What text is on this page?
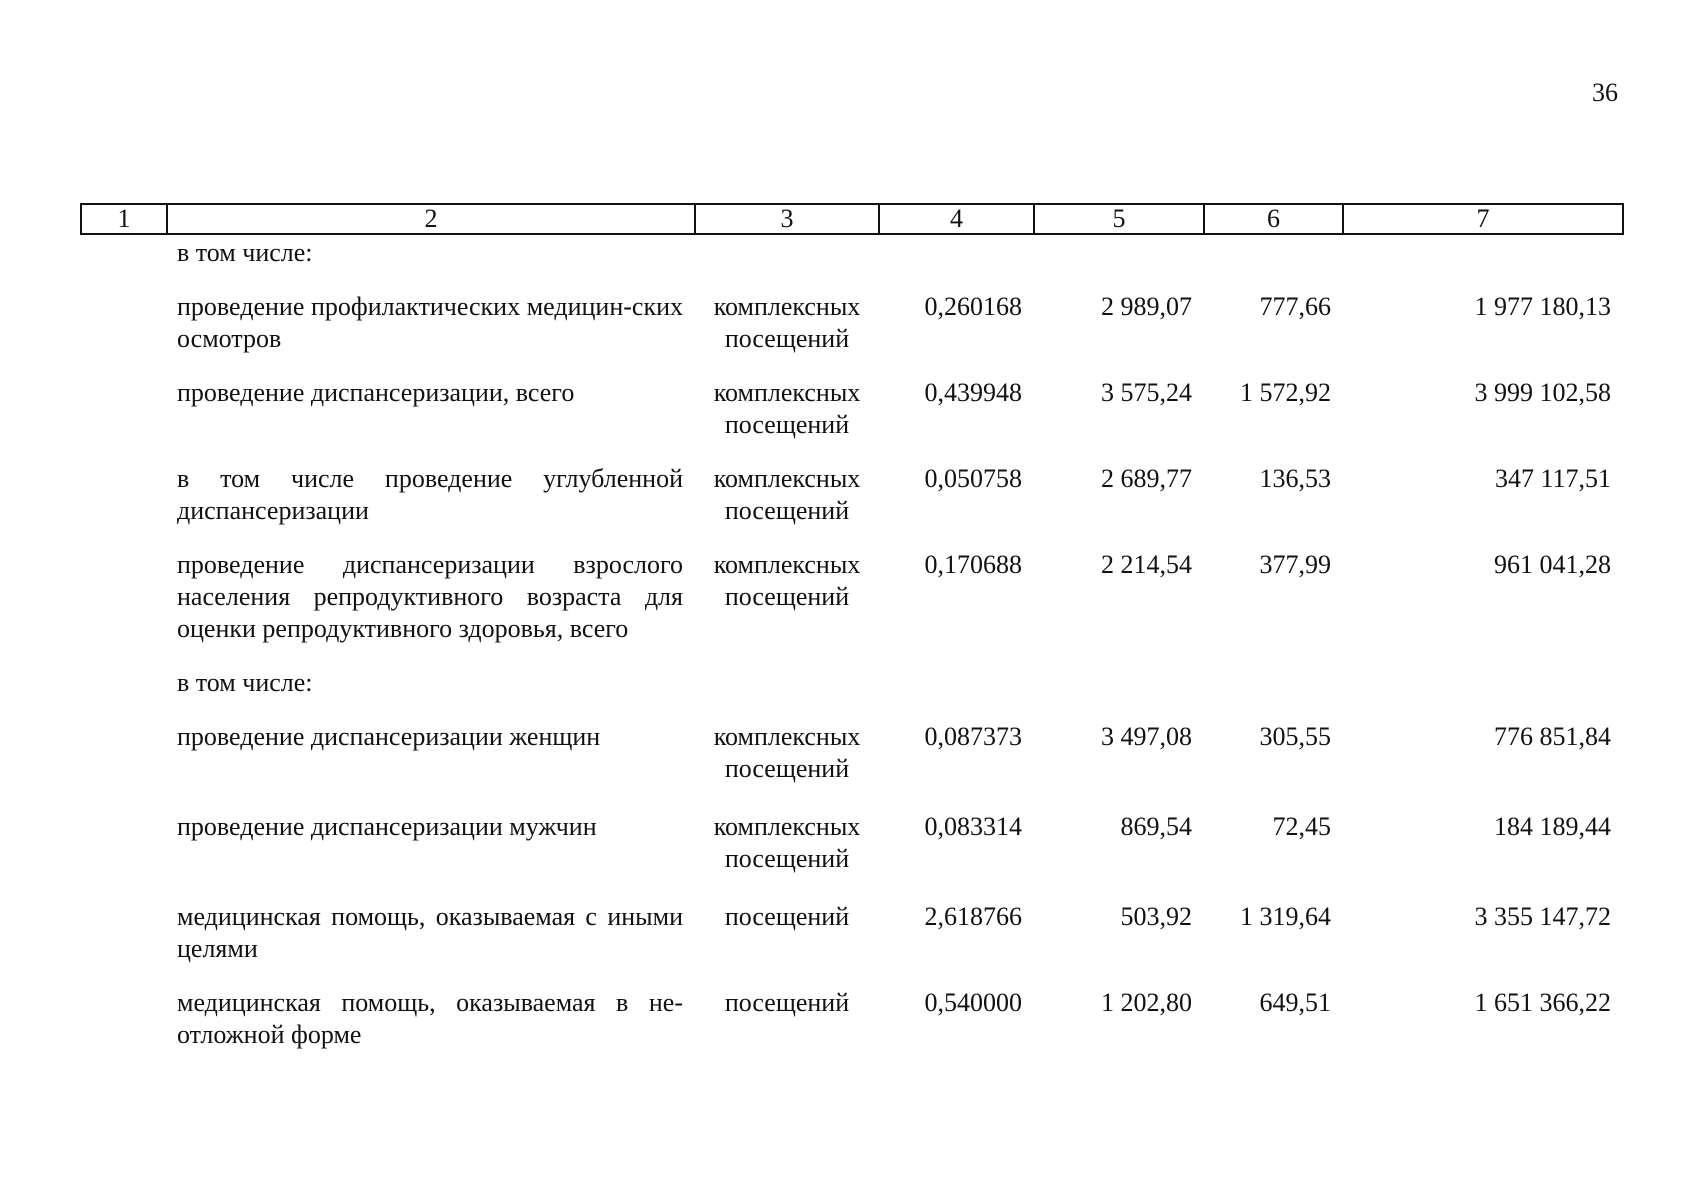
36
1	2	3	4	5	6	7
	в том числе:					
	проведение профилактических медицин-ских осмотров	комплексных посещений	0,260168	2 989,07	777,66	1 977 180,13
	проведение диспансеризации, всего	комплексных посещений	0,439948	3 575,24	1 572,92	3 999 102,58
	в том числе проведение углубленной диспансеризации	комплексных посещений	0,050758	2 689,77	136,53	347 117,51
	проведение диспансеризации взрослого населения репродуктивного возраста для оценки репродуктивного здоровья, всего	комплексных посещений	0,170688	2 214,54	377,99	961 041,28
	в том числе:					
	проведение диспансеризации женщин	комплексных посещений	0,087373	3 497,08	305,55	776 851,84
	проведение диспансеризации мужчин	комплексных посещений	0,083314	869,54	72,45	184 189,44
	медицинская помощь, оказываемая с иными целями	посещений	2,618766	503,92	1 319,64	3 355 147,72
	медицинская помощь, оказываемая в не-отложной форме	посещений	0,540000	1 202,80	649,51	1 651 366,22
